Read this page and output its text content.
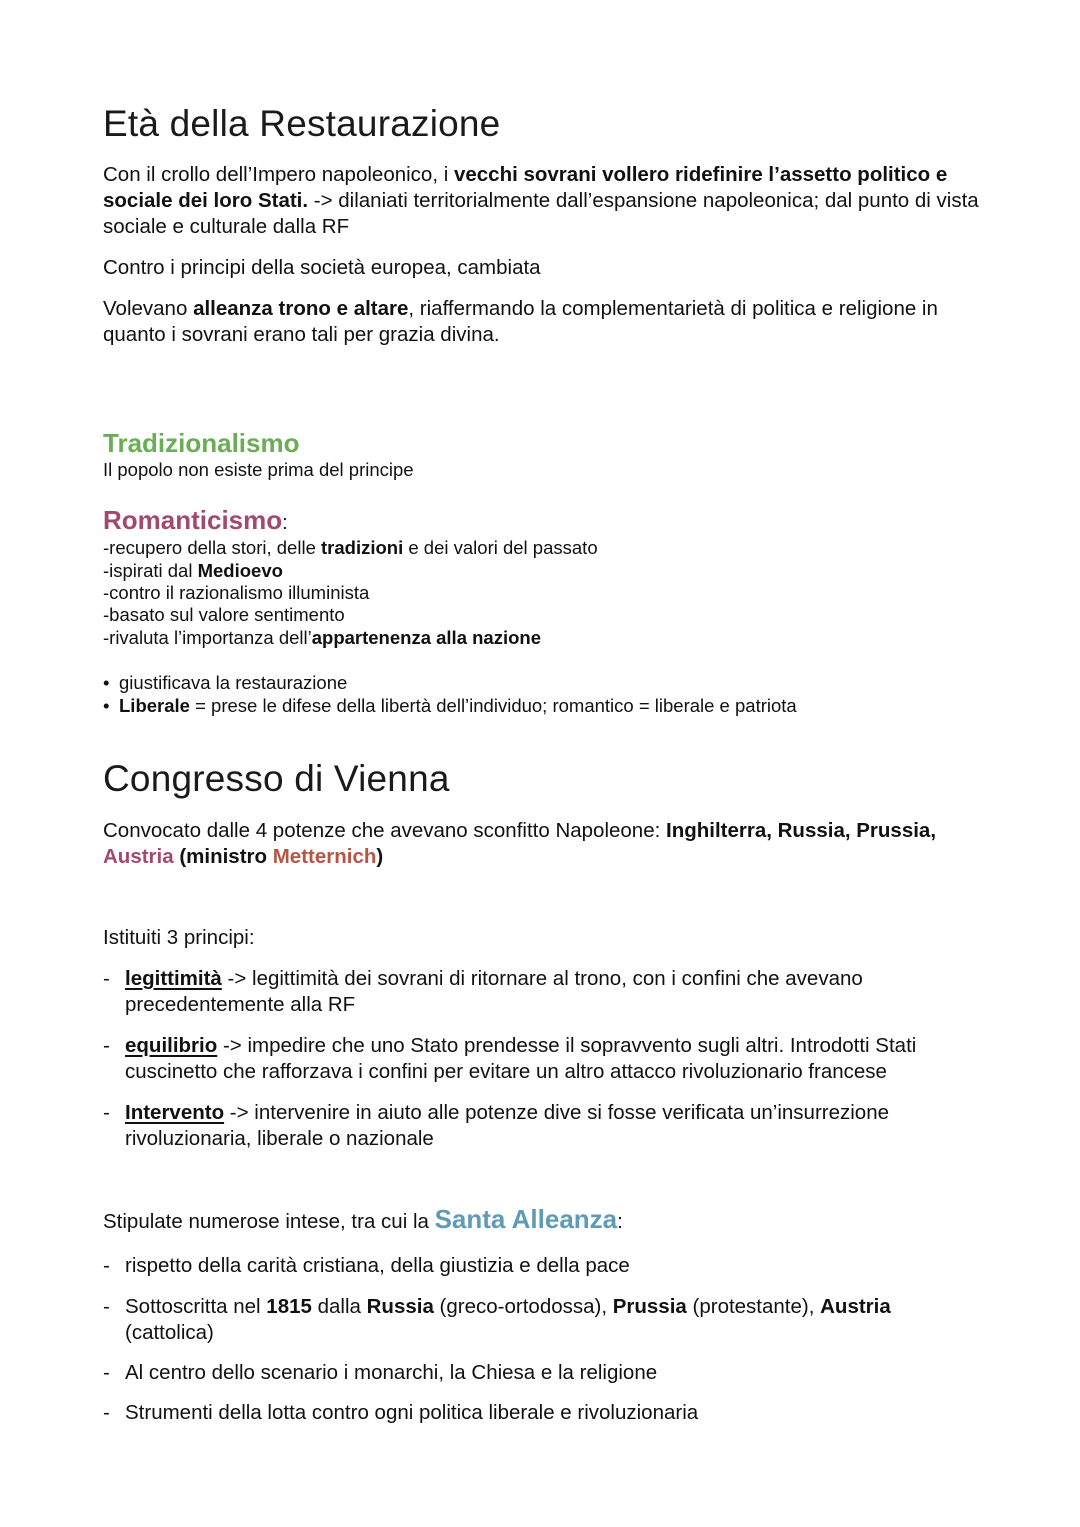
Età della Restaurazione

Con il crollo dell’Impero napoleonico, i vecchi sovrani vollero ridefinire l’assetto politico e sociale dei loro Stati. -> dilaniati territorialmente dall’espansione napoleonica; dal punto di vista sociale e culturale dalla RF

Contro i principi della società europea, cambiata

Volevano alleanza trono e altare, riaffermando la complementarietà di politica e religione in quanto i sovrani erano tali per grazia divina.

Tradizionalismo
Il popolo non esiste prima del principe
Romanticismo:
-recupero della stori, delle tradizioni e dei valori del passato
-ispirati dal Medioevo
-contro il razionalismo illuminista
-basato sul valore sentimento
-rivaluta l’importanza dell’appartenenza alla nazione
• giustificava la restaurazione
• Liberale = prese le difese della libertà dell’individuo; romantico = liberale e patriota
Congresso di Vienna

Convocato dalle 4 potenze che avevano sconfitto Napoleone: Inghilterra, Russia, Prussia, Austria (ministro Metternich)

Istituiti 3 principi:

- legittimità -> legittimità dei sovrani di ritornare al trono, con i confini che avevano precedentemente alla RF
- equilibrio -> impedire che uno Stato prendesse il sopravvento sugli altri. Introdotti Stati cuscinetto che rafforzava i confini per evitare un altro attacco rivoluzionario francese
- Intervento -> intervenire in aiuto alle potenze dive si fosse verificata un’insurrezione rivoluzionaria, liberale o nazionale

Stipulate numerose intese, tra cui la Santa Alleanza:

- rispetto della carità cristiana, della giustizia e della pace
- Sottoscritta nel 1815 dalla Russia (greco-ortodossa), Prussia (protestante), Austria (cattolica)
- Al centro dello scenario i monarchi, la Chiesa e la religione
- Strumenti della lotta contro ogni politica liberale e rivoluzionaria
